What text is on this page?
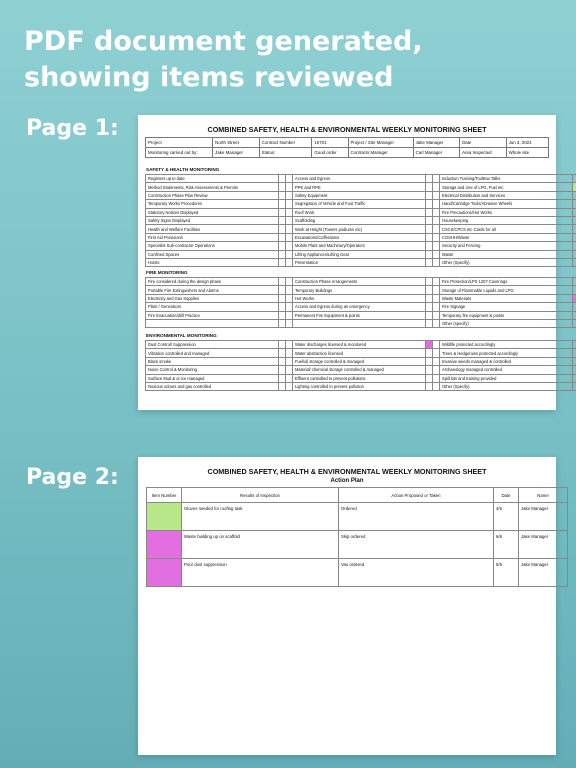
PDF document generated, showing items reviewed
Page 1:
Page 2:
COMBINED SAFETY, HEALTH & ENVIRONMENTAL WEEKLY MONITORING SHEET
Project	North Street	Contract Number	16701	Project / Site Manager	Jake Manager	Date	Jun 3, 2024
Monitoring carried out by:	Jake Manager	Status:	Good order	Contracts Manager	Carl Manager	Area Inspected	Whole site
SAFETY & HEALTH MONITORING
Registers up to date			Access and Egress			Induction Training/ToolBox Talks		
Method Statements, Risk Assessments & Permits			PPE and RPE			Storage and Use of LPG, Fuel etc		
Construction Phase Plan Review			Safety Equipment			Electrical Distribution and Services		
Temporary Works Procedures			Segregation of Vehicle and Foot Traffic			Hand/Cartridge Tools/Abrasive Wheels		
Statutory Notices Displayed			Roof Work			Fire Precautions/Hot Works		
Safety Signs Displayed			Scaffolding			Housekeeping		
Health and Welfare Facilities			Work at Height (Towers podiums etc)			CSCS/CPCS etc Cards for all		
First Aid Provisions			Excavations/Cofferdams			COSHH/Waste		
Specialist Sub-contractor Operations			Mobile Plant and Machinery/Operators			Security and Fencing		
Confined Spaces			Lifting Appliances/Lifting Gear			Waste		
Hoists			Presentation			Other (Specify)		
FIRE MONITORING
Fire considered during the design phase			Construction Phase Arrangements			Fire Protection/LPS 1207 Coverings		
Portable Fire Extinguishers and Alarms			Temporary Buildings			Storage of Flammable Liquids and LPG		
Electricity and Gas Supplies			Hot Works			Waste Materials		
Plant / Generators			Access and Egress during an emergency			Fire Signage		
Fire Evacuation/drill Practice			Permanent Fire Equipment & points			Temporary fire equipment & points		
						Other (specify)		
ENVIRONMENTAL MONITORING
Dust Control/ Suppression			Water discharges licensed & monitored			Wildlife protected accordingly		
Vibration controlled and managed			Water abstraction licensed			Trees & Hedgerows protected accordingly		
Black smoke			Fuel/oil storage controlled & managed			Invasive weeds managed & controlled		
Noise Control & Monitoring			Material/ chemical storage controlled & managed			Archaeology managed controlled		
Surface Mud & or ice managed			Effluent controlled to prevent pollutions			Spill kits and training provided		
Noxious odours and gas controlled			Lighting controlled to prevent pollution			Other (Specify)		
COMBINED SAFETY, HEALTH & ENVIRONMENTAL WEEKLY MONITORING SHEET
Action Plan
Item Number	Results of Inspection	Action Proposed or Taken	Date	Name
	Gloves needed for roofing task	Ordered	4/6	Jake Manager
	Waste building up on scaffold	Skip ordered	6/6	Jake Manager
	Poor dust suppression	Vax ordered	5/6	Jake Manager
